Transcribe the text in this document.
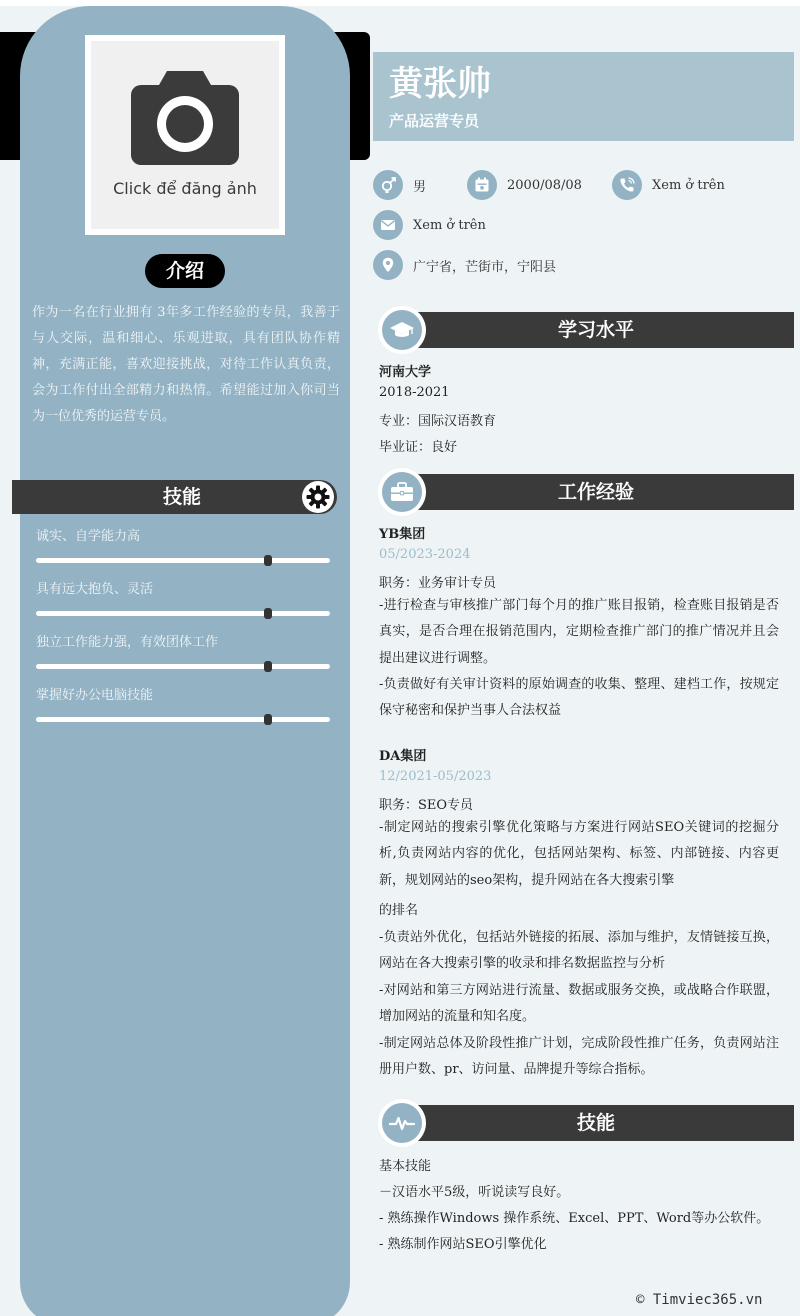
Click để đăng ảnh
介绍
作为一名在行业拥有 3年多工作经验的专员，我善于与人交际，温和细心、乐观进取，具有团队协作精神，充满正能，喜欢迎接挑战，对待工作认真负责，会为工作付出全部精力和热情。希望能过加入你司当为一位优秀的运营专员。
技能
诚实、自学能力高
具有远大抱负、灵活
独立工作能力强，有效团体工作
掌握好办公电脑技能
黄张帅
产品运营专员
男	2000/08/08	Xem ở trên
Xem ở trên
广宁省，芒街市，宁阳县
学习水平
河南大学
2018-2021
专业：国际汉语教育
毕业证：良好
工作经验
YB集团
05/2023-2024
职务：业务审计专员
-进行检查与审核推广部门每个月的推广账目报销，检查账目报销是否真实，是否合理在报销范围内，定期检查推广部门的推广情况并且会提出建议进行调整。
-负责做好有关审计资料的原始调查的收集、整理、建档工作，按规定保守秘密和保护当事人合法权益
DA集团
12/2021-05/2023
职务：SEO专员
-制定网站的搜索引擎优化策略与方案进行网站SEO关键词的挖掘分析,负责网站内容的优化，包括网站架构、标签、内部链接、内容更新，规划网站的seo架构，提升网站在各大搜索引擎
的排名
-负责站外优化，包括站外链接的拓展、添加与维护，友情链接互换，网站在各大搜索引擎的收录和排名数据监控与分析
-对网站和第三方网站进行流量、数据或服务交换，或战略合作联盟，增加网站的流量和知名度。
-制定网站总体及阶段性推广计划，完成阶段性推广任务，负责网站注册用户数、pr、访问量、品牌提升等综合指标。
技能
基本技能
－汉语水平5级，听说读写良好。
- 熟练操作Windows 操作系统、Excel、PPT、Word等办公软件。
- 熟练制作网站SEO引擎优化
© Timviec365.vn
